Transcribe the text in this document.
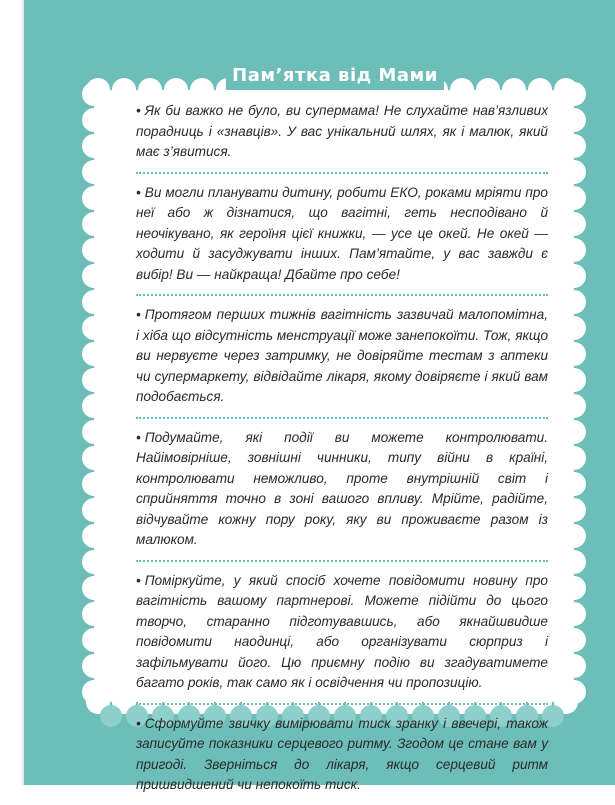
Пам’ятка від Мами

• Як би важко не було, ви супермама! Не слухайте нав’язливих порадниць і «знавців». У вас унікальний шлях, як і малюк, який має з’явитися.

• Ви могли планувати дитину, робити ЕКО, роками мріяти про неї або ж дізнатися, що вагітні, геть несподівано й неочікувано, як героїня цієї книжки, — усе це окей. Не окей — ходити й засуджувати інших. Пам’ятайте, у вас завжди є вибір! Ви — найкраща! Дбайте про себе!

• Протягом перших тижнів вагітність зазвичай малопомітна, і хіба що відсутність менструації може занепокоїти. Тож, якщо ви нервуєте через затримку, не довіряйте тестам з аптеки чи супермаркету, відвідайте лікаря, якому довіряєте і який вам подобається.

• Подумайте, які події ви можете контролювати. Найімовірніше, зовнішні чинники, типу війни в країні, контролювати неможливо, проте внутрішній світ і сприйняття точно в зоні вашого впливу. Мрійте, радійте, відчувайте кожну пору року, яку ви проживаєте разом із малюком.

• Поміркуйте, у який спосіб хочете повідомити новину про вагітність вашому партнерові. Можете підійти до цього творчо, старанно підготувавшись, або якнайшвидше повідомити наодинці, або організувати сюрприз і зафільмувати його. Цю приємну подію ви згадуватимете багато років, так само як і освідчення чи пропозицію.

• Сформуйте звичку вимірювати тиск зранку і ввечері, також записуйте показники серцевого ритму. Згодом це стане вам у пригоді. Зверніться до лікаря, якщо серцевий ритм пришвидшений чи непокоїть тиск.
